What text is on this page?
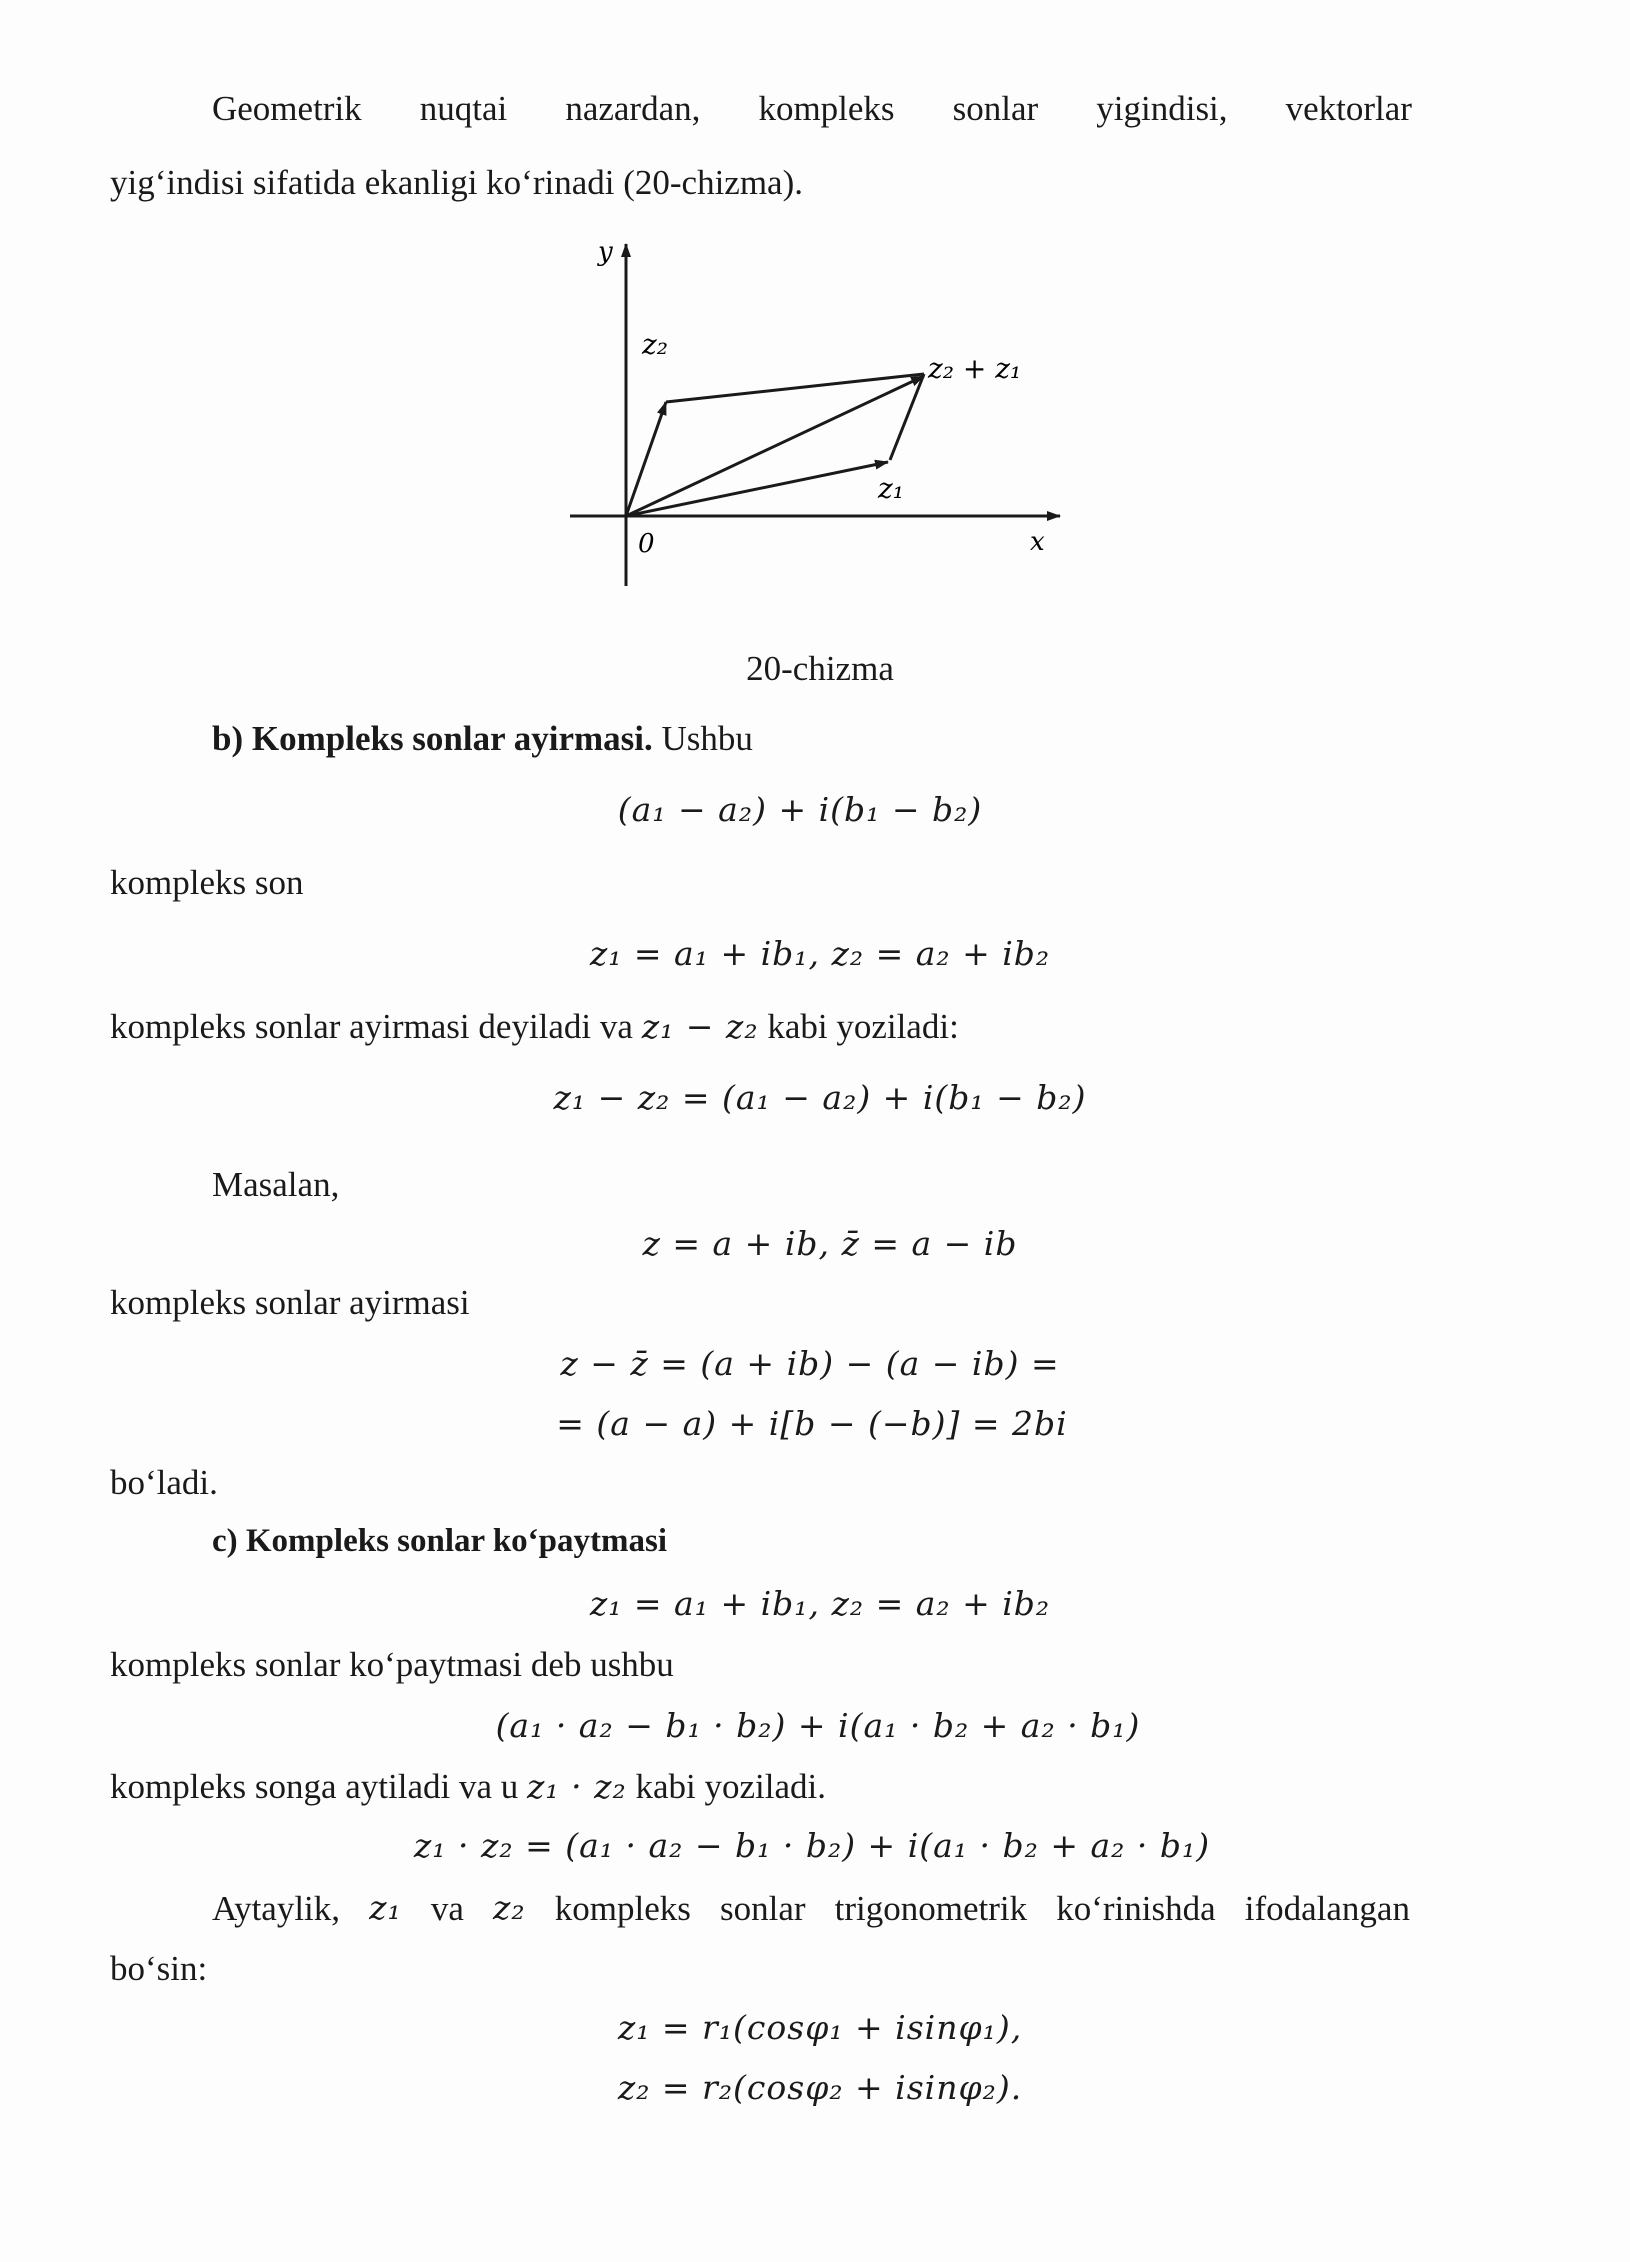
Geometrik nuqtai nazardan, kompleks sonlar yigindisi, vektorlar
yig‘indisi sifatida ekanligi ko‘rinadi (20-chizma).
y
x
0
z₂
z₁
z₂ + z₁
20-chizma
b) Kompleks sonlar ayirmasi. Ushbu
(a₁ − a₂) + i(b₁ − b₂)
kompleks son
z₁ = a₁ + ib₁, z₂ = a₂ + ib₂
kompleks sonlar ayirmasi deyiladi va z₁ − z₂ kabi yoziladi:
z₁ − z₂ = (a₁ − a₂) + i(b₁ − b₂)
Masalan,
z = a + ib, z̄ = a − ib
kompleks sonlar ayirmasi
z − z̄ = (a + ib) − (a − ib) =
= (a − a) + i[b − (−b)] = 2bi
bo‘ladi.
c) Kompleks sonlar ko‘paytmasi
z₁ = a₁ + ib₁, z₂ = a₂ + ib₂
kompleks sonlar ko‘paytmasi deb ushbu
(a₁ · a₂ − b₁ · b₂) + i(a₁ · b₂ + a₂ · b₁)
kompleks songa aytiladi va u z₁ · z₂ kabi yoziladi.
z₁ · z₂ = (a₁ · a₂ − b₁ · b₂) + i(a₁ · b₂ + a₂ · b₁)
Aytaylik, z₁ va z₂ kompleks sonlar trigonometrik ko‘rinishda ifodalangan
bo‘sin:
z₁ = r₁(cosφ₁ + isinφ₁),
z₂ = r₂(cosφ₂ + isinφ₂).
